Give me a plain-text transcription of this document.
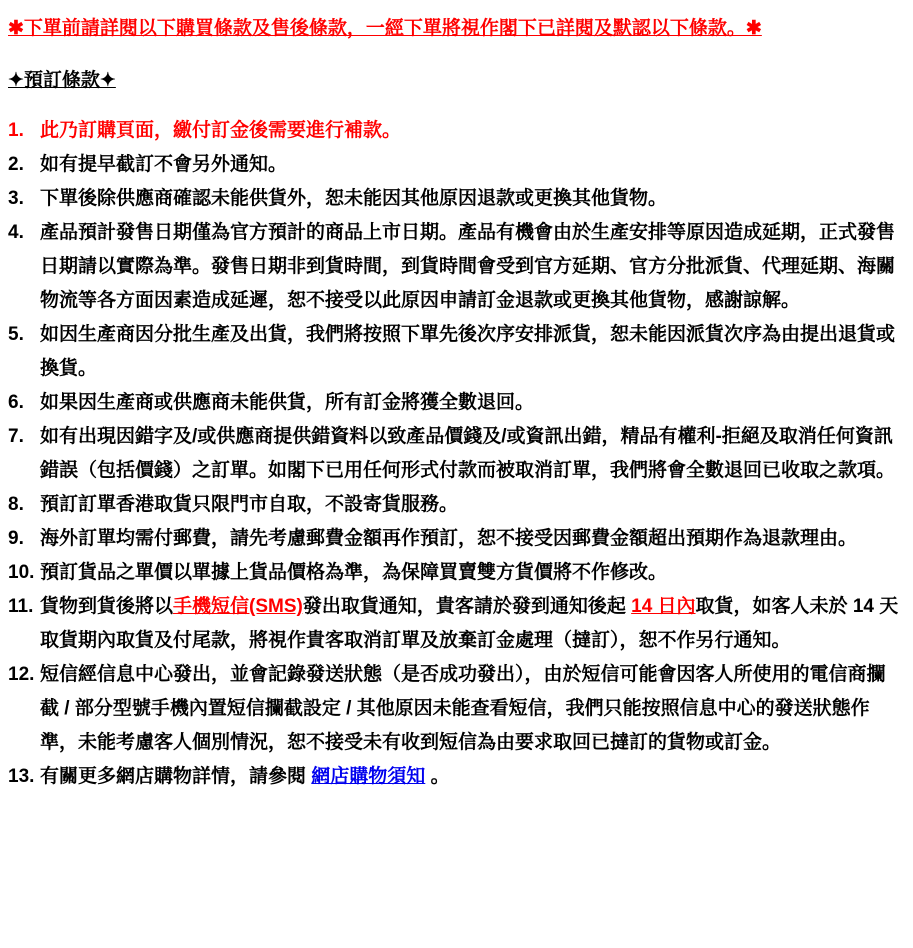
✱下單前請詳閱以下購買條款及售後條款，一經下單將視作閣下已詳閱及默認以下條款。✱
✦預訂條款✦
1. 此乃訂購頁面，繳付訂金後需要進行補款。
2. 如有提早截訂不會另外通知。
3. 下單後除供應商確認未能供貨外，恕未能因其他原因退款或更換其他貨物。
4. 產品預計發售日期僅為官方預計的商品上市日期。產品有機會由於生產安排等原因造成延期，正式發售日期請以實際為準。發售日期非到貨時間，到貨時間會受到官方延期、官方分批派貨、代理延期、海關物流等各方面因素造成延遲，恕不接受以此原因申請訂金退款或更換其他貨物，感謝諒解。
5. 如因生產商因分批生產及出貨，我們將按照下單先後次序安排派貨，恕未能因派貨次序為由提出退貨或換貨。
6. 如果因生產商或供應商未能供貨，所有訂金將獲全數退回。
7. 如有出現因錯字及/或供應商提供錯資料以致產品價錢及/或資訊出錯，精品有權利-拒絕及取消任何資訊錯誤（包括價錢）之訂單。如閣下已用任何形式付款而被取消訂單，我們將會全數退回已收取之款項。
8. 預訂訂單香港取貨只限門市自取，不設寄貨服務。
9. 海外訂單均需付郵費，請先考慮郵費金額再作預訂，恕不接受因郵費金額超出預期作為退款理由。
10. 預訂貨品之單價以單據上貨品價格為準，為保障買賣雙方貨價將不作修改。
11. 貨物到貨後將以手機短信(SMS)發出取貨通知，貴客請於發到通知後起 14 日內取貨，如客人未於 14 天取貨期內取貨及付尾款，將視作貴客取消訂單及放棄訂金處理（撻訂），恕不作另行通知。
12. 短信經信息中心發出，並會記錄發送狀態（是否成功發出），由於短信可能會因客人所使用的電信商攔截 / 部分型號手機內置短信攔截設定 / 其他原因未能查看短信，我們只能按照信息中心的發送狀態作準，未能考慮客人個別情況，恕不接受未有收到短信為由要求取回已撻訂的貨物或訂金。
13. 有關更多網店購物詳情，請參閱 網店購物須知 。
